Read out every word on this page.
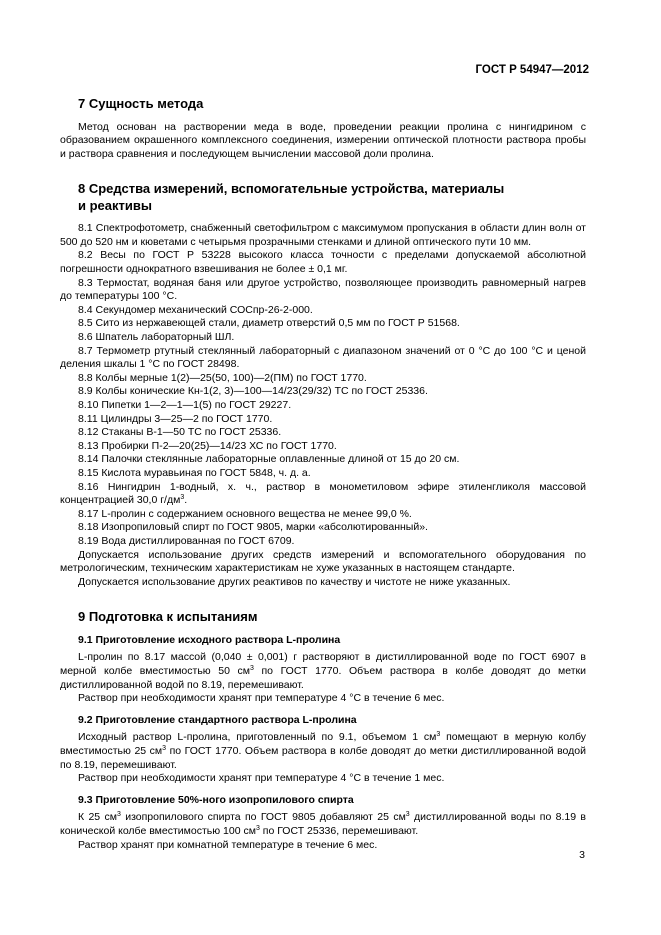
ГОСТ Р 54947—2012
7 Сущность метода

Метод основан на растворении меда в воде, проведении реакции пролина с нингидрином с образованием окрашенного комплексного соединения, измерении оптической плотности раствора пробы и раствора сравнения и последующем вычислении массовой доли пролина.

8 Средства измерений, вспомогательные устройства, материалы
и реактивы

8.1 Спектрофотометр, снабженный светофильтром с максимумом пропускания в области длин волн от 500 до 520 нм и кюветами с четырьмя прозрачными стенками и длиной оптического пути 10 мм.

8.2 Весы по ГОСТ Р 53228 высокого класса точности с пределами допускаемой абсолютной погрешности однократного взвешивания не более ± 0,1 мг.

8.3 Термостат, водяная баня или другое устройство, позволяющее производить равномерный нагрев до температуры 100 °С.

8.4 Секундомер механический СОСпр-26-2-000.

8.5 Сито из нержавеющей стали, диаметр отверстий 0,5 мм по ГОСТ Р 51568.

8.6 Шпатель лабораторный ШЛ.

8.7 Термометр ртутный стеклянный лабораторный с диапазоном значений от 0 °С до 100 °С и ценой деления шкалы 1 °С по ГОСТ 28498.

8.8 Колбы мерные 1(2)—25(50, 100)—2(ПМ) по ГОСТ 1770.

8.9 Колбы конические Кн-1(2, 3)—100—14/23(29/32) ТС по ГОСТ 25336.

8.10 Пипетки 1—2—1—1(5) по ГОСТ 29227.

8.11 Цилиндры 3—25—2 по ГОСТ 1770.

8.12 Стаканы В-1—50 ТС по ГОСТ 25336.

8.13 Пробирки П-2—20(25)—14/23 ХС по ГОСТ 1770.

8.14 Палочки стеклянные лабораторные оплавленные длиной от 15 до 20 см.

8.15 Кислота муравьиная по ГОСТ 5848, ч. д. а.

8.16 Нингидрин 1-водный, х. ч., раствор в монометиловом эфире этиленгликоля массовой концентрацией 30,0 $г/дм^3$.

8.17 L-пролин с содержанием основного вещества не менее 99,0 %.

8.18 Изопропиловый спирт по ГОСТ 9805, марки «абсолютированный».

8.19 Вода дистиллированная по ГОСТ 6709.

Допускается использование других средств измерений и вспомогательного оборудования по метрологическим, техническим характеристикам не хуже указанных в настоящем стандарте.

Допускается использование других реактивов по качеству и чистоте не ниже указанных.

9 Подготовка к испытаниям
9.1 Приготовление исходного раствора L-пролина

L-пролин по 8.17 массой (0,040 ± 0,001) г растворяют в дистиллированной воде по ГОСТ 6907 в мерной колбе вместимостью 50 $см^3$ по ГОСТ 1770. Объем раствора в колбе доводят до метки дистиллированной водой по 8.19, перемешивают.

Раствор при необходимости хранят при температуре 4 °С в течение 6 мес.

9.2 Приготовление стандартного раствора L-пролина

Исходный раствор L-пролина, приготовленный по 9.1, объемом 1 $см^3$ помещают в мерную колбу вместимостью 25 $см^3$ по ГОСТ 1770. Объем раствора в колбе доводят до метки дистиллированной водой по 8.19, перемешивают.

Раствор при необходимости хранят при температуре 4 °С в течение 1 мес.

9.3 Приготовление 50%-ного изопропилового спирта

К 25 $см^3$ изопропилового спирта по ГОСТ 9805 добавляют 25 $см^3$ дистиллированной воды по 8.19 в конической колбе вместимостью 100 $см^3$ по ГОСТ 25336, перемешивают.

Раствор хранят при комнатной температуре в течение 6 мес.

3
